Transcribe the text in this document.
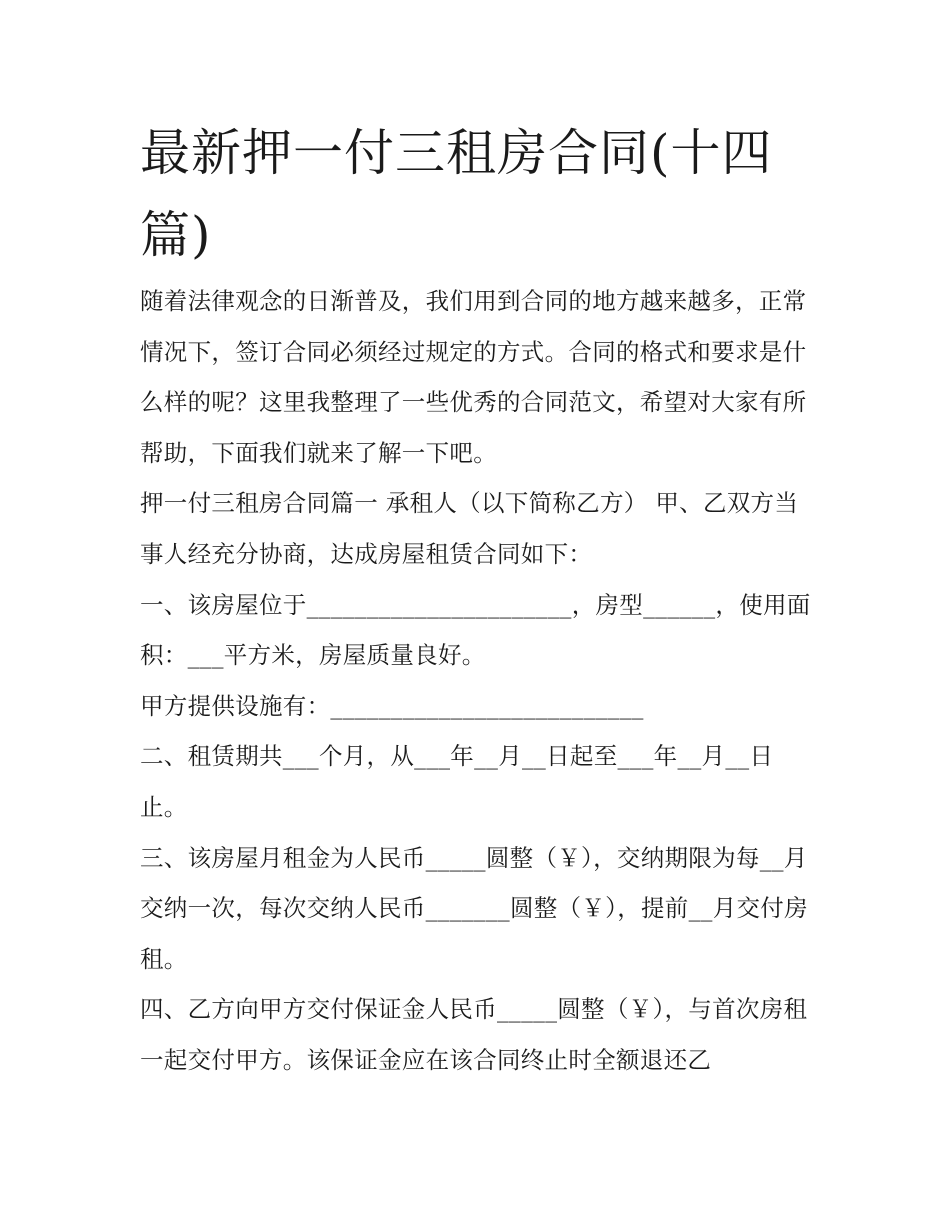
最新押一付三租房合同(十四篇)

随着法律观念的日渐普及，我们用到合同的地方越来越多，正常情况下，签订合同必须经过规定的方式。合同的格式和要求是什么样的呢？这里我整理了一些优秀的合同范文，希望对大家有所帮助，下面我们就来了解一下吧。

押一付三租房合同篇一 承租人（以下简称乙方） 甲、乙双方当事人经充分协商，达成房屋租赁合同如下：

一、该房屋位于______________________，房型______，使用面积：___平方米，房屋质量良好。

甲方提供设施有：__________________________

二、租赁期共___个月，从___年__月__日起至___年__月__日止。

三、该房屋月租金为人民币_____圆整（￥），交纳期限为每__月交纳一次，每次交纳人民币_______圆整（￥），提前__月交付房租。

四、乙方向甲方交付保证金人民币_____圆整（￥），与首次房租一起交付甲方。该保证金应在该合同终止时全额退还乙
